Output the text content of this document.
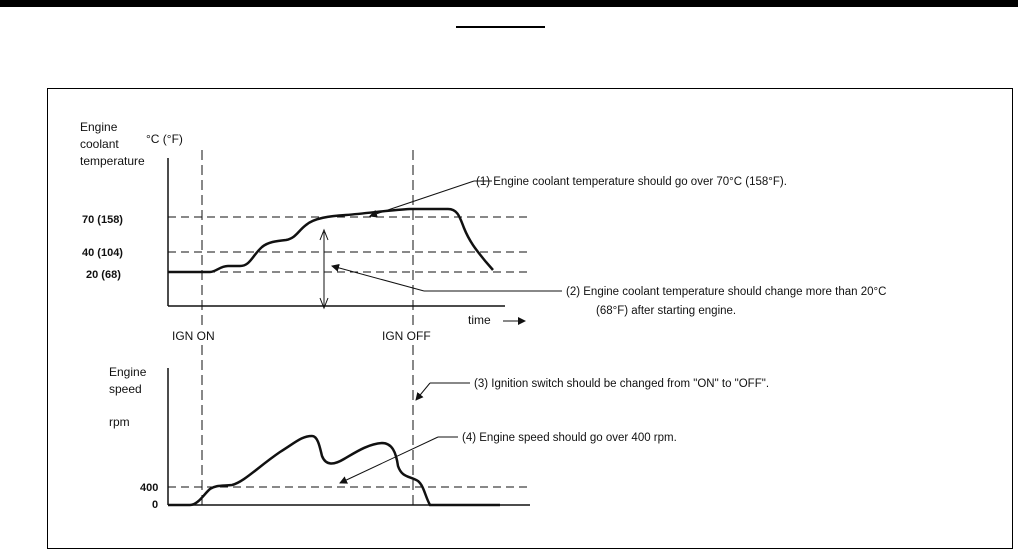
Engine
coolant
temperature
°C (°F)
70 (158)
40 (104)
20 (68)
time
IGN ON	IGN OFF
Engine
speed
rpm
400
0
(1) Engine coolant temperature should go over 70°C (158°F).
(2) Engine coolant temperature should change more than 20°C
(68°F) after starting engine.
(3) Ignition switch should be changed from "ON" to "OFF".
(4) Engine speed should go over 400 rpm.
